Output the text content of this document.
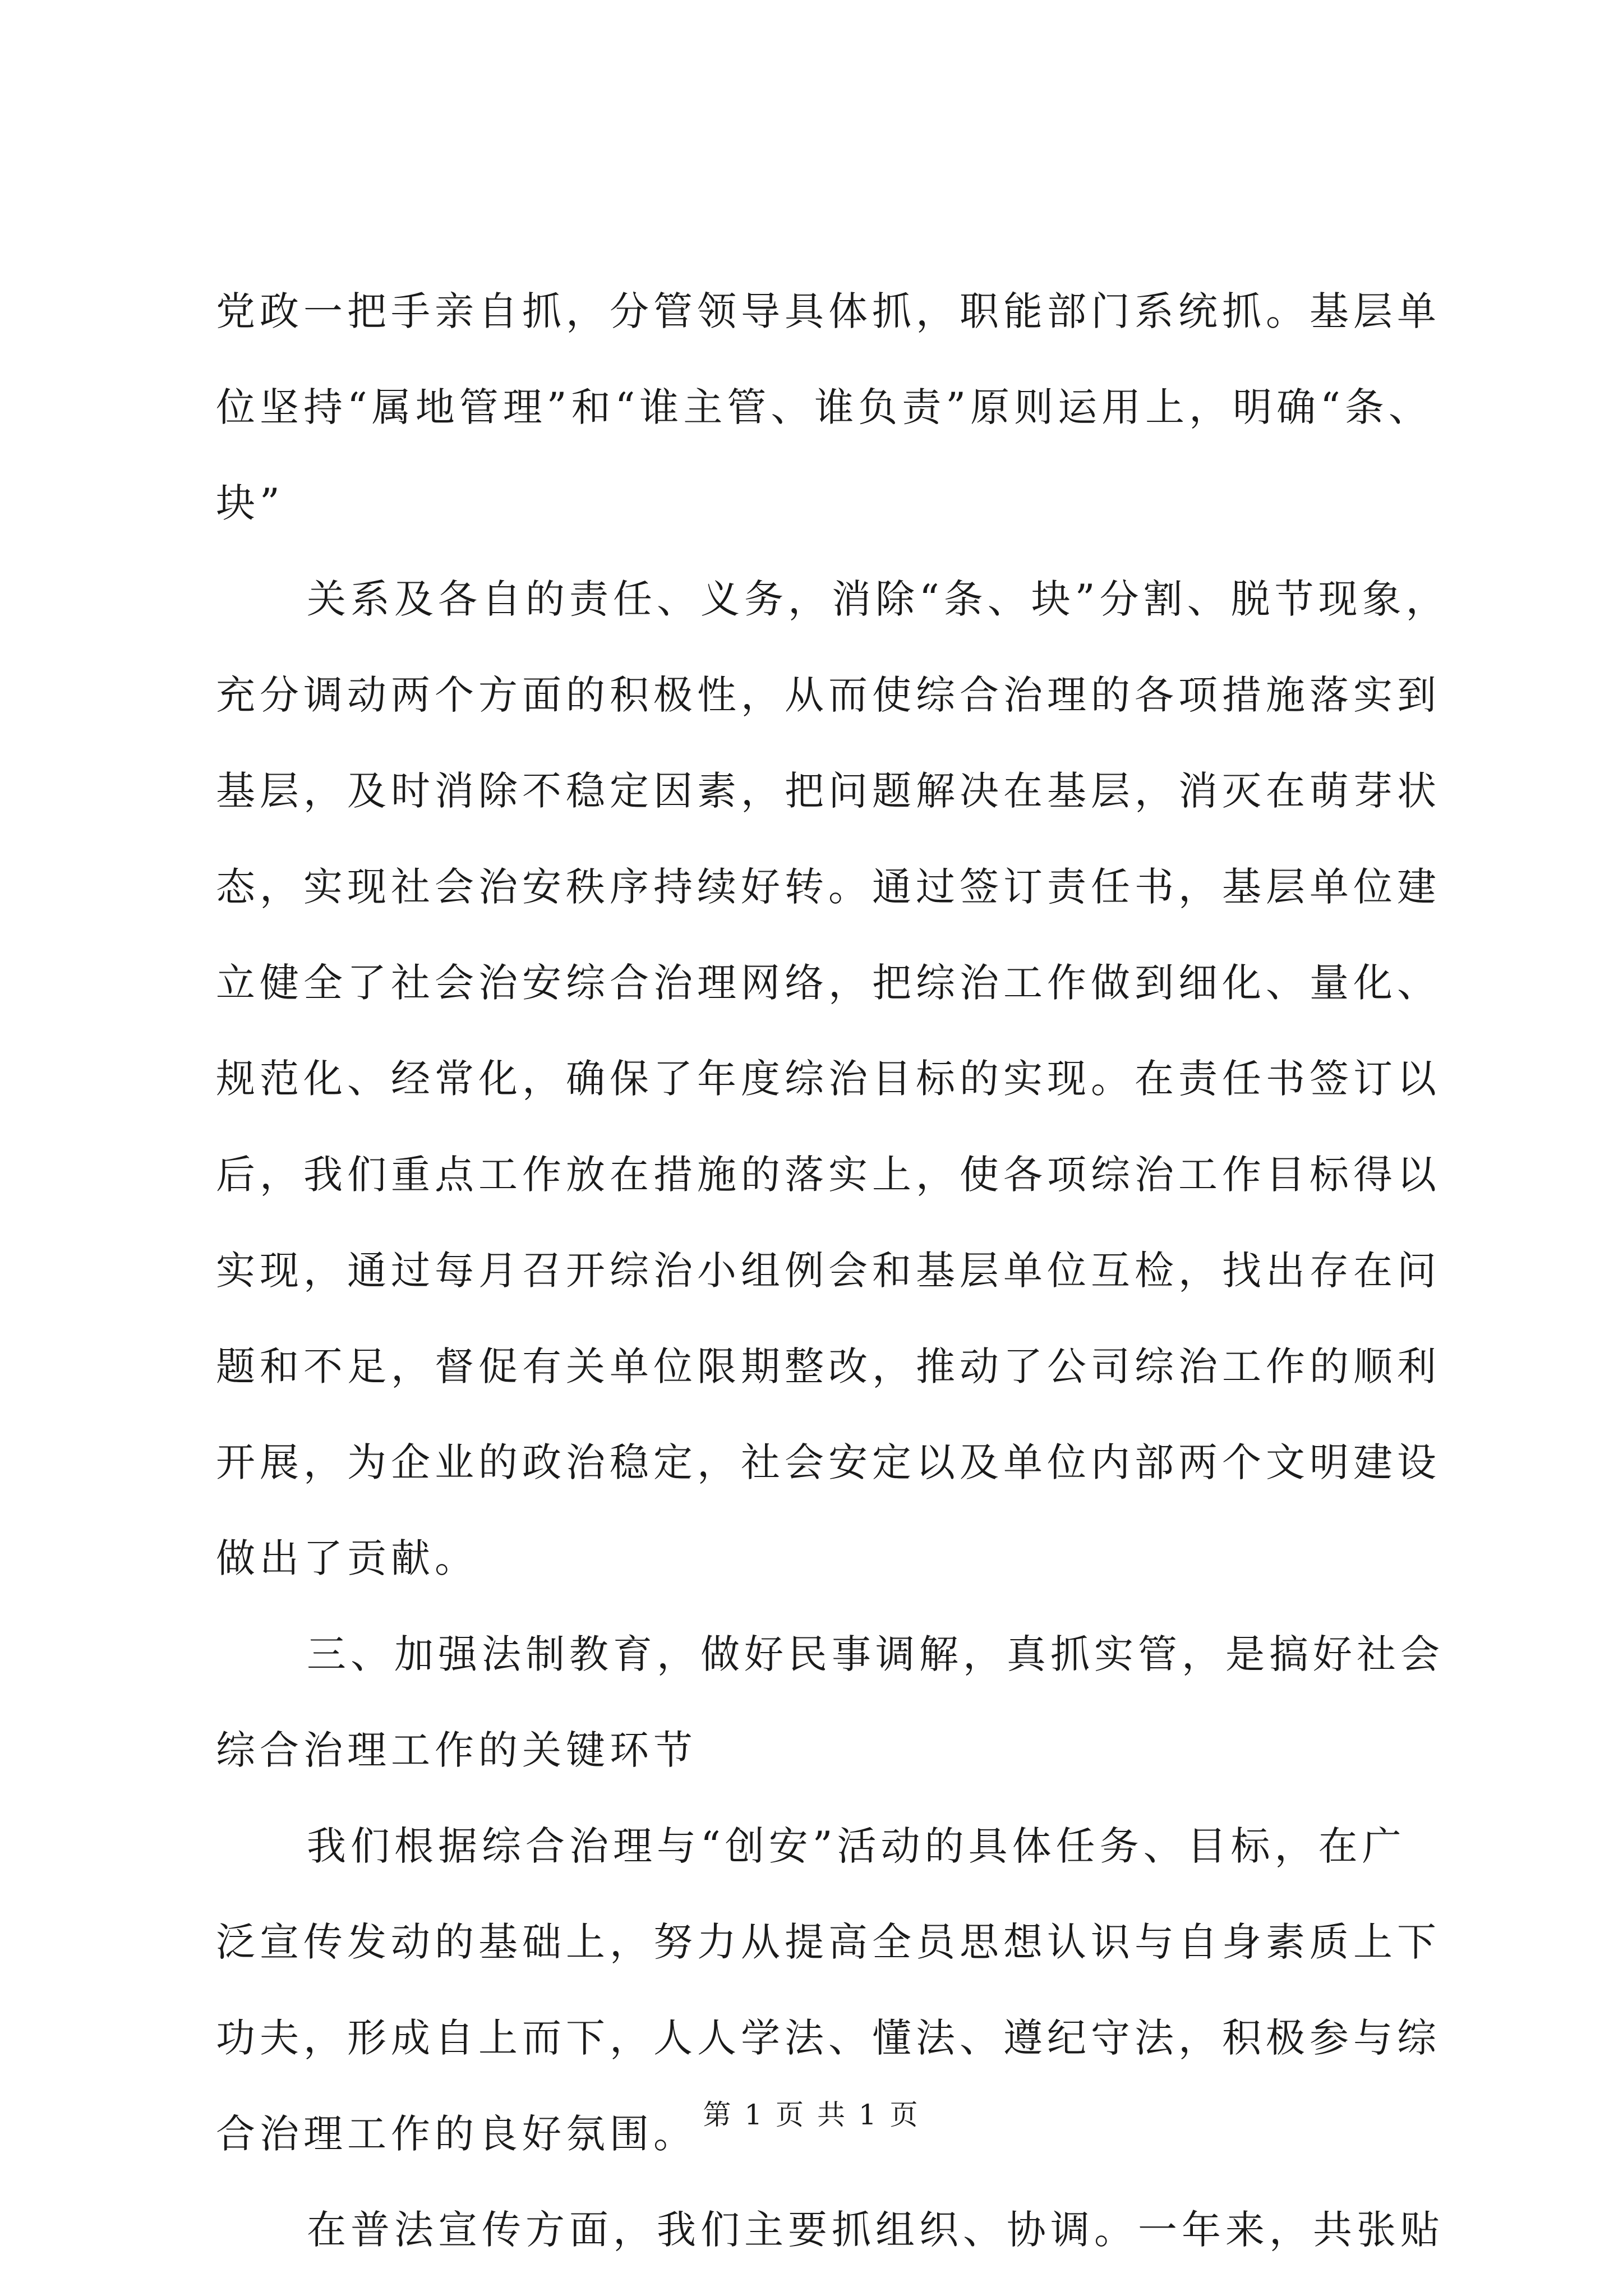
党政一把手亲自抓，分管领导具体抓，职能部门系统抓。基层单
位坚持“属地管理”和“谁主管、谁负责”原则运用上，明确“条、
块”
关系及各自的责任、义务，消除“条、块”分割、脱节现象，
充分调动两个方面的积极性，从而使综合治理的各项措施落实到
基层，及时消除不稳定因素，把问题解决在基层，消灭在萌芽状
态，实现社会治安秩序持续好转。通过签订责任书，基层单位建
立健全了社会治安综合治理网络，把综治工作做到细化、量化、
规范化、经常化，确保了年度综治目标的实现。在责任书签订以
后，我们重点工作放在措施的落实上，使各项综治工作目标得以
实现，通过每月召开综治小组例会和基层单位互检，找出存在问
题和不足，督促有关单位限期整改，推动了公司综治工作的顺利
开展，为企业的政治稳定，社会安定以及单位内部两个文明建设
做出了贡献。
三、加强法制教育，做好民事调解，真抓实管，是搞好社会
综合治理工作的关键环节
我们根据综合治理与“创安”活动的具体任务、目标，在广
泛宣传发动的基础上，努力从提高全员思想认识与自身素质上下
功夫，形成自上而下，人人学法、懂法、遵纪守法，积极参与综
合治理工作的良好氛围。
在普法宣传方面，我们主要抓组织、协调。一年来，共张贴
第 1 页 共 1 页
